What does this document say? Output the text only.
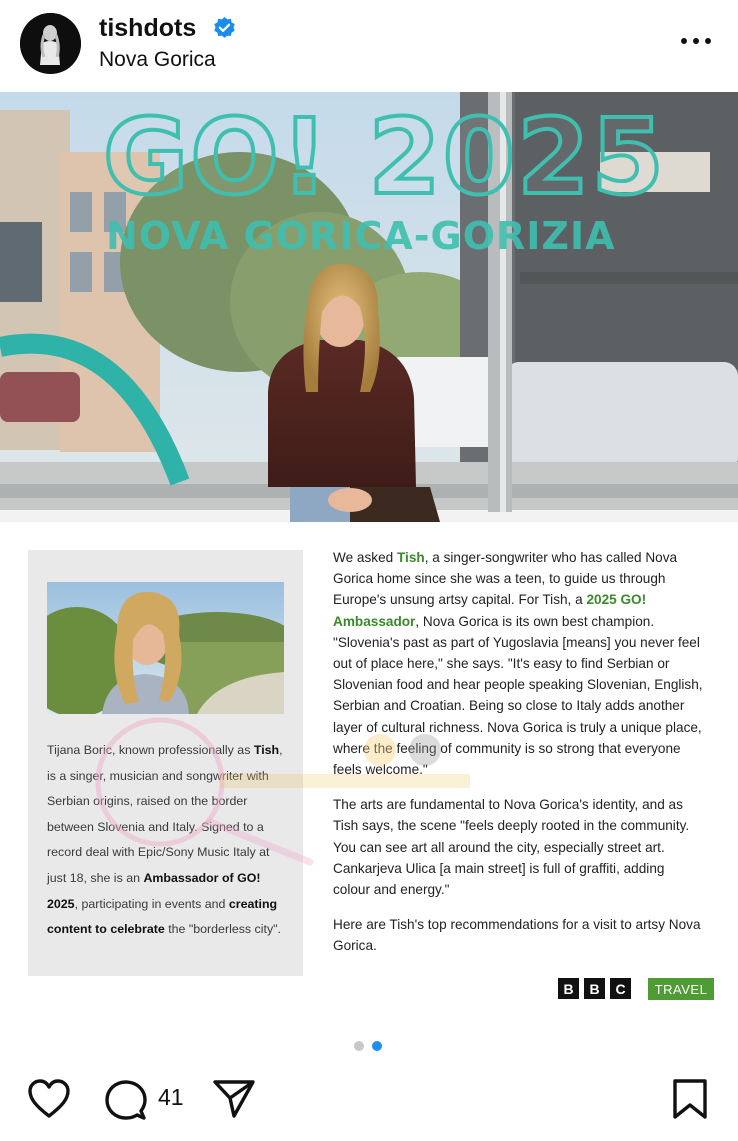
tishdots
Nova Gorica
GO! 2025
NOVA GORICA-GORIZIA
Tijana Boric, known professionally as Tish, is a singer, musician and songwriter with Serbian origins, raised on the border between Slovenia and Italy. Signed to a record deal with Epic/Sony Music Italy at just 18, she is an Ambassador of GO! 2025, participating in events and creating content to celebrate the "borderless city".

We asked Tish, a singer-songwriter who has called Nova Gorica home since she was a teen, to guide us through Europe's unsung artsy capital. For Tish, a 2025 GO! Ambassador, Nova Gorica is its own best champion. "Slovenia's past as part of Yugoslavia [means] you never feel out of place here," she says. "It's easy to find Serbian or Slovenian food and hear people speaking Slovenian, English, Serbian and Croatian. Being so close to Italy adds another layer of cultural richness. Nova Gorica is truly a unique place, where the feeling of community is so strong that everyone feels welcome."

The arts are fundamental to Nova Gorica's identity, and as Tish says, the scene "feels deeply rooted in the community. You can see art all around the city, especially street art. Cankarjeva Ulica [a main street] is full of graffiti, adding colour and energy."

Here are Tish's top recommendations for a visit to artsy Nova Gorica.

B	B	C	TRAVEL
41
